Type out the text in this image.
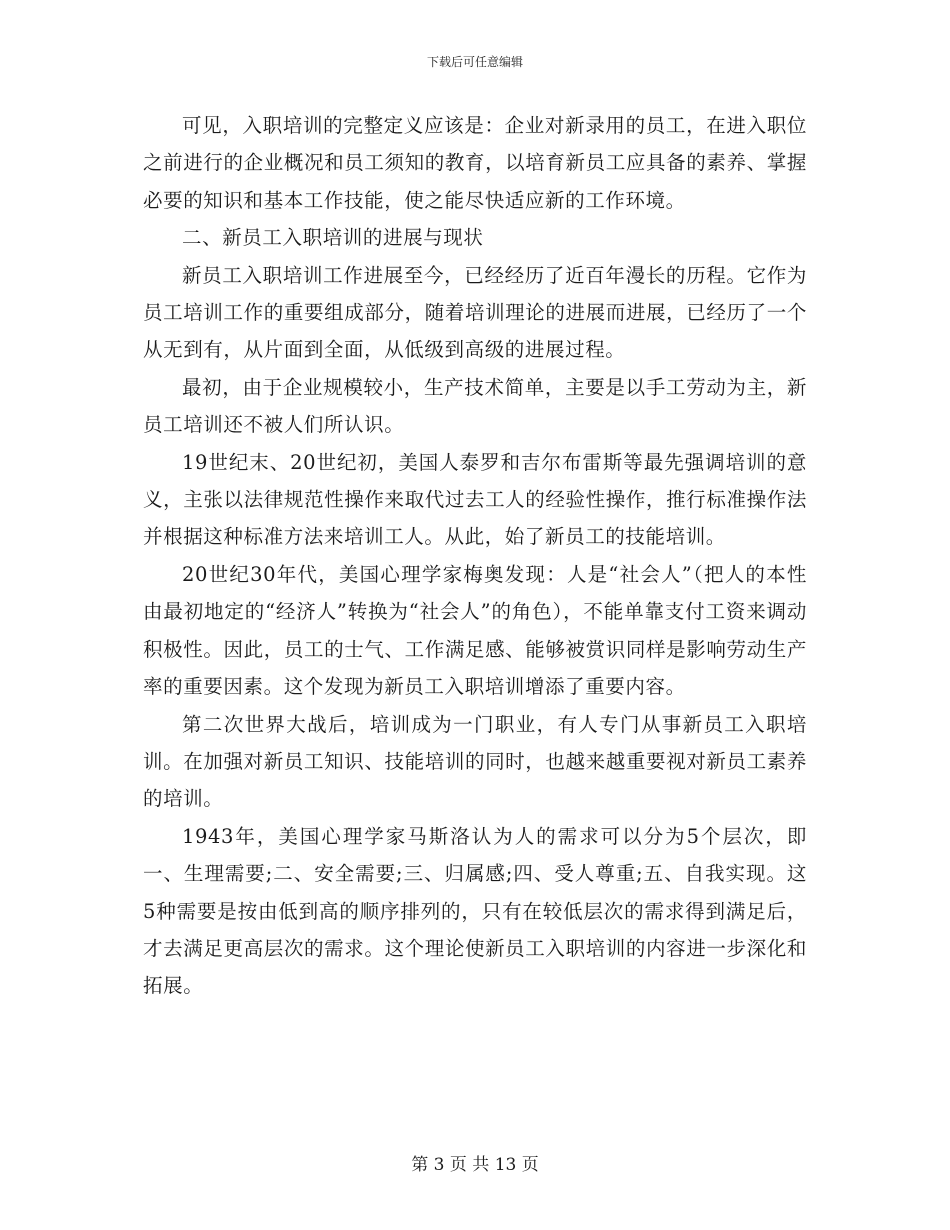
下载后可任意编辑

可见，入职培训的完整定义应该是：企业对新录用的员工，在进入职位之前进行的企业概况和员工须知的教育，以培育新员工应具备的素养、掌握必要的知识和基本工作技能，使之能尽快适应新的工作环境。

二、新员工入职培训的进展与现状

新员工入职培训工作进展至今，已经经历了近百年漫长的历程。它作为员工培训工作的重要组成部分，随着培训理论的进展而进展，已经历了一个从无到有，从片面到全面，从低级到高级的进展过程。

最初，由于企业规模较小，生产技术简单，主要是以手工劳动为主，新员工培训还不被人们所认识。

19世纪末、20世纪初，美国人泰罗和吉尔布雷斯等最先强调培训的意义，主张以法律规范性操作来取代过去工人的经验性操作，推行标准操作法并根据这种标准方法来培训工人。从此，始了新员工的技能培训。

20世纪30年代，美国心理学家梅奥发现：人是“社会人”（把人的本性由最初地定的“经济人”转换为“社会人”的角色），不能单靠支付工资来调动积极性。因此，员工的士气、工作满足感、能够被赏识同样是影响劳动生产率的重要因素。这个发现为新员工入职培训增添了重要内容。

第二次世界大战后，培训成为一门职业，有人专门从事新员工入职培训。在加强对新员工知识、技能培训的同时，也越来越重要视对新员工素养的培训。

1943年，美国心理学家马斯洛认为人的需求可以分为5个层次，即一、生理需要;二、安全需要;三、归属感;四、受人尊重;五、自我实现。这5种需要是按由低到高的顺序排列的，只有在较低层次的需求得到满足后，才去满足更高层次的需求。这个理论使新员工入职培训的内容进一步深化和拓展。

第 3 页 共 13 页
